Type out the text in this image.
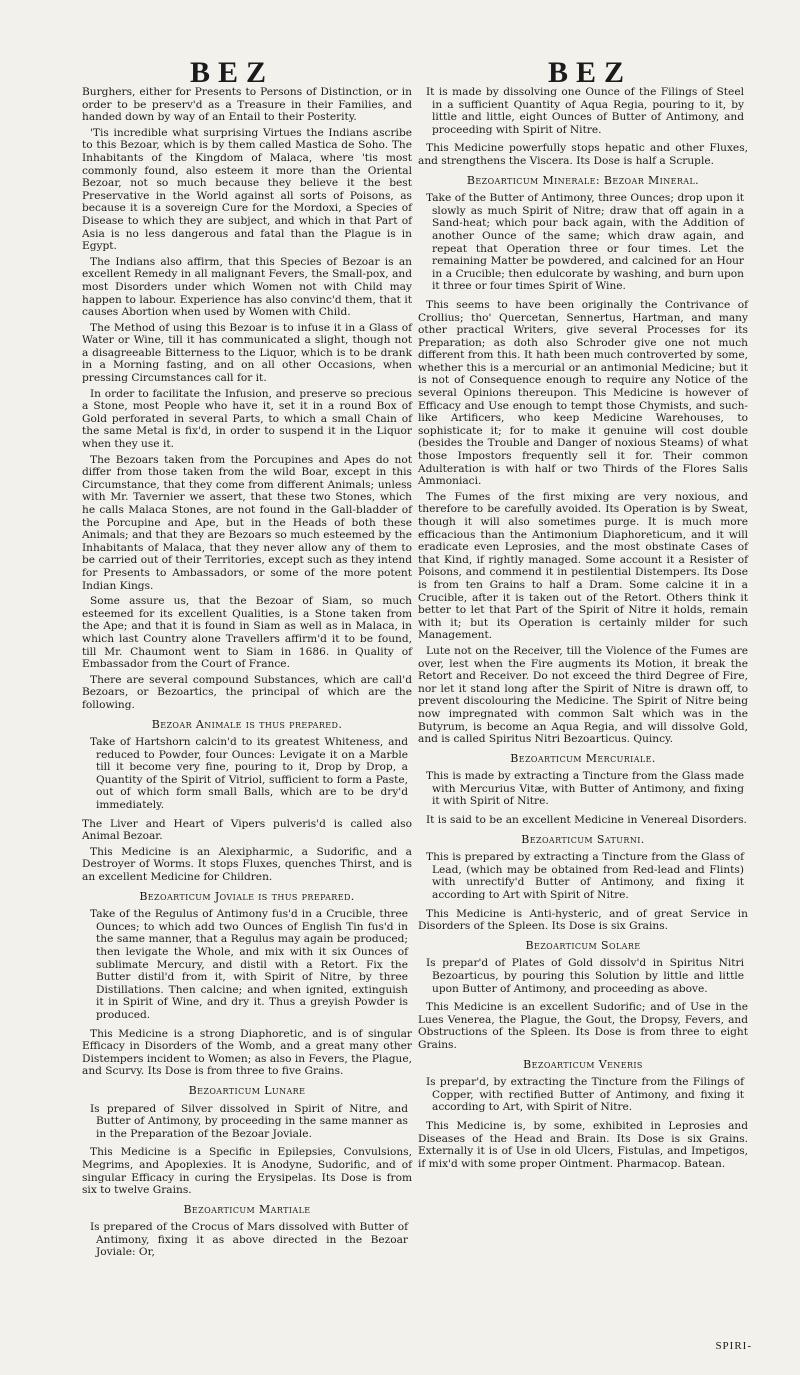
BEZ	BEZ

Burghers, either for Presents to Persons of Distinction, or in order to be preserv'd as a Treasure in their Families, and handed down by way of an Entail to their Posterity.

'Tis incredible what surprising Virtues the Indians ascribe to this Bezoar, which is by them called Mastica de Soho. The Inhabitants of the Kingdom of Malaca, where 'tis most commonly found, also esteem it more than the Oriental Bezoar, not so much because they believe it the best Preservative in the World against all sorts of Poisons, as because it is a sovereign Cure for the Mordoxi, a Species of Disease to which they are subject, and which in that Part of Asia is no less dangerous and fatal than the Plague is in Egypt.

The Indians also affirm, that this Species of Bezoar is an excellent Remedy in all malignant Fevers, the Small-pox, and most Disorders under which Women not with Child may happen to labour. Experience has also convinc'd them, that it causes Abortion when used by Women with Child.

The Method of using this Bezoar is to infuse it in a Glass of Water or Wine, till it has communicated a slight, though not a disagreeable Bitterness to the Liquor, which is to be drank in a Morning fasting, and on all other Occasions, when pressing Circumstances call for it.

In order to facilitate the Infusion, and preserve so precious a Stone, most People who have it, set it in a round Box of Gold perforated in several Parts, to which a small Chain of the same Metal is fix'd, in order to suspend it in the Liquor when they use it.

The Bezoars taken from the Porcupines and Apes do not differ from those taken from the wild Boar, except in this Circumstance, that they come from different Animals; unless with Mr. Tavernier we assert, that these two Stones, which he calls Malaca Stones, are not found in the Gall-bladder of the Porcupine and Ape, but in the Heads of both these Animals; and that they are Bezoars so much esteemed by the Inhabitants of Malaca, that they never allow any of them to be carried out of their Territories, except such as they intend for Presents to Ambassadors, or some of the more potent Indian Kings.

Some assure us, that the Bezoar of Siam, so much esteemed for its excellent Qualities, is a Stone taken from the Ape; and that it is found in Siam as well as in Malaca, in which last Country alone Travellers affirm'd it to be found, till Mr. Chaumont went to Siam in 1686. in Quality of Embassador from the Court of France.

There are several compound Substances, which are call'd Bezoars, or Bezoartics, the principal of which are the following.

Bezoar Animale is thus prepared.

Take of Hartshorn calcin'd to its greatest Whiteness, and reduced to Powder, four Ounces: Levigate it on a Marble till it become very fine, pouring to it, Drop by Drop, a Quantity of the Spirit of Vitriol, sufficient to form a Paste, out of which form small Balls, which are to be dry'd immediately.

The Liver and Heart of Vipers pulveris'd is called also Animal Bezoar.

This Medicine is an Alexipharmic, a Sudorific, and a Destroyer of Worms. It stops Fluxes, quenches Thirst, and is an excellent Medicine for Children.

Bezoarticum Joviale is thus prepared.

Take of the Regulus of Antimony fus'd in a Crucible, three Ounces; to which add two Ounces of English Tin fus'd in the same manner, that a Regulus may again be produced; then levigate the Whole, and mix with it six Ounces of sublimate Mercury, and distil with a Retort. Fix the Butter distil'd from it, with Spirit of Nitre, by three Distillations. Then calcine; and when ignited, extinguish it in Spirit of Wine, and dry it. Thus a greyish Powder is produced.

This Medicine is a strong Diaphoretic, and is of singular Efficacy in Disorders of the Womb, and a great many other Distempers incident to Women; as also in Fevers, the Plague, and Scurvy. Its Dose is from three to five Grains.

Bezoarticum Lunare

Is prepared of Silver dissolved in Spirit of Nitre, and Butter of Antimony, by proceeding in the same manner as in the Preparation of the Bezoar Joviale.

This Medicine is a Specific in Epilepsies, Convulsions, Megrims, and Apoplexies. It is Anodyne, Sudorific, and of singular Efficacy in curing the Erysipelas. Its Dose is from six to twelve Grains.

Bezoarticum Martiale

Is prepared of the Crocus of Mars dissolved with Butter of Antimony, fixing it as above directed in the Bezoar Joviale: Or,

It is made by dissolving one Ounce of the Filings of Steel in a sufficient Quantity of Aqua Regia, pouring to it, by little and little, eight Ounces of Butter of Antimony, and proceeding with Spirit of Nitre.

This Medicine powerfully stops hepatic and other Fluxes, and strengthens the Viscera. Its Dose is half a Scruple.

Bezoarticum Minerale: Bezoar Mineral.

Take of the Butter of Antimony, three Ounces; drop upon it slowly as much Spirit of Nitre; draw that off again in a Sand-heat; which pour back again, with the Addition of another Ounce of the same; which draw again, and repeat that Operation three or four times. Let the remaining Matter be powdered, and calcined for an Hour in a Crucible; then edulcorate by washing, and burn upon it three or four times Spirit of Wine.

This seems to have been originally the Contrivance of Crollius; tho' Quercetan, Sennertus, Hartman, and many other practical Writers, give several Processes for its Preparation; as doth also Schroder give one not much different from this. It hath been much controverted by some, whether this is a mercurial or an antimonial Medicine; but it is not of Consequence enough to require any Notice of the several Opinions thereupon. This Medicine is however of Efficacy and Use enough to tempt those Chymists, and such-like Artificers, who keep Medicine Warehouses, to sophisticate it; for to make it genuine will cost double (besides the Trouble and Danger of noxious Steams) of what those Impostors frequently sell it for. Their common Adulteration is with half or two Thirds of the Flores Salis Ammoniaci.

The Fumes of the first mixing are very noxious, and therefore to be carefully avoided. Its Operation is by Sweat, though it will also sometimes purge. It is much more efficacious than the Antimonium Diaphoreticum, and it will eradicate even Leprosies, and the most obstinate Cases of that Kind, if rightly managed. Some account it a Resister of Poisons, and commend it in pestilential Distempers. Its Dose is from ten Grains to half a Dram. Some calcine it in a Crucible, after it is taken out of the Retort. Others think it better to let that Part of the Spirit of Nitre it holds, remain with it; but its Operation is certainly milder for such Management.

Lute not on the Receiver, till the Violence of the Fumes are over, lest when the Fire augments its Motion, it break the Retort and Receiver. Do not exceed the third Degree of Fire, nor let it stand long after the Spirit of Nitre is drawn off, to prevent discolouring the Medicine. The Spirit of Nitre being now impregnated with common Salt which was in the Butyrum, is become an Aqua Regia, and will dissolve Gold, and is called Spiritus Nitri Bezoarticus. Quincy.

Bezoarticum Mercuriale.

This is made by extracting a Tincture from the Glass made with Mercurius Vitæ, with Butter of Antimony, and fixing it with Spirit of Nitre.

It is said to be an excellent Medicine in Venereal Disorders.

Bezoarticum Saturni.

This is prepared by extracting a Tincture from the Glass of Lead, (which may be obtained from Red-lead and Flints) with unrectify'd Butter of Antimony, and fixing it according to Art with Spirit of Nitre.

This Medicine is Anti-hysteric, and of great Service in Disorders of the Spleen. Its Dose is six Grains.

Bezoarticum Solare

Is prepar'd of Plates of Gold dissolv'd in Spiritus Nitri Bezoarticus, by pouring this Solution by little and little upon Butter of Antimony, and proceeding as above.

This Medicine is an excellent Sudorific; and of Use in the Lues Venerea, the Plague, the Gout, the Dropsy, Fevers, and Obstructions of the Spleen. Its Dose is from three to eight Grains.

Bezoarticum Veneris

Is prepar'd, by extracting the Tincture from the Filings of Copper, with rectified Butter of Antimony, and fixing it according to Art, with Spirit of Nitre.

This Medicine is, by some, exhibited in Leprosies and Diseases of the Head and Brain. Its Dose is six Grains. Externally it is of Use in old Ulcers, Fistulas, and Impetigos, if mix'd with some proper Ointment. Pharmacop. Batean.

SPIRI-
